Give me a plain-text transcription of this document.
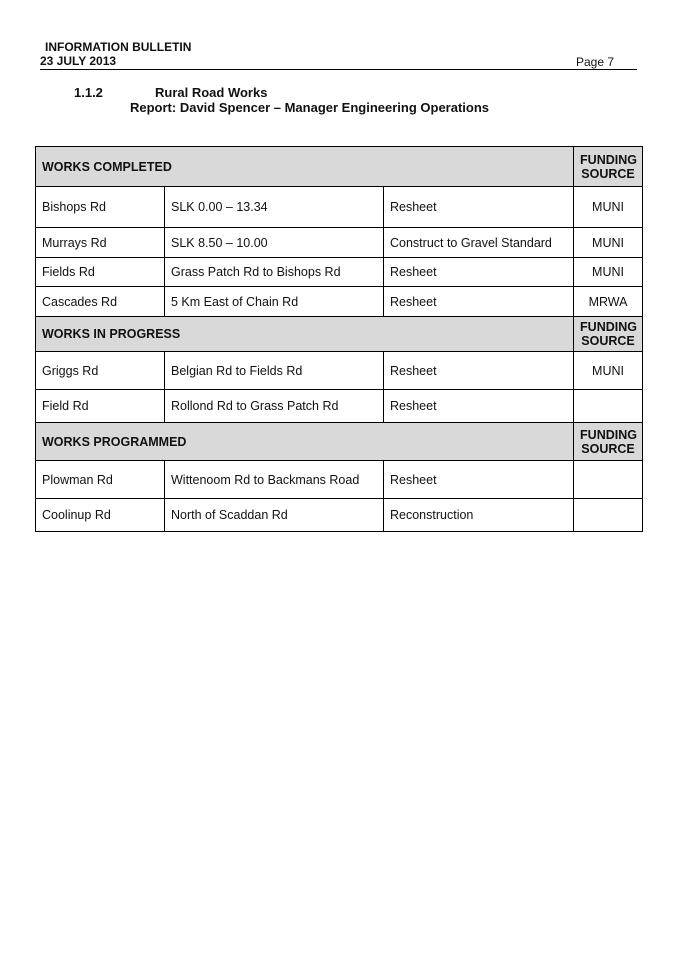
INFORMATION BULLETIN
23 JULY 2013	Page 7
1.1.2	Rural Road Works
Report: David Spencer – Manager Engineering Operations
WORKS COMPLETED			FUNDING
SOURCE
Bishops Rd	SLK 0.00 – 13.34	Resheet	MUNI
Murrays Rd	SLK 8.50 – 10.00	Construct to Gravel Standard	MUNI
Fields Rd	Grass Patch Rd to Bishops Rd	Resheet	MUNI
Cascades Rd	5 Km East of Chain Rd	Resheet	MRWA
WORKS IN PROGRESS			FUNDING
SOURCE
Griggs Rd	Belgian Rd to Fields Rd	Resheet	MUNI
Field Rd	Rollond Rd to Grass Patch Rd	Resheet	
WORKS PROGRAMMED			FUNDING
SOURCE
Plowman Rd	Wittenoom Rd to Backmans Road	Resheet	
Coolinup Rd	North of Scaddan Rd	Reconstruction	
